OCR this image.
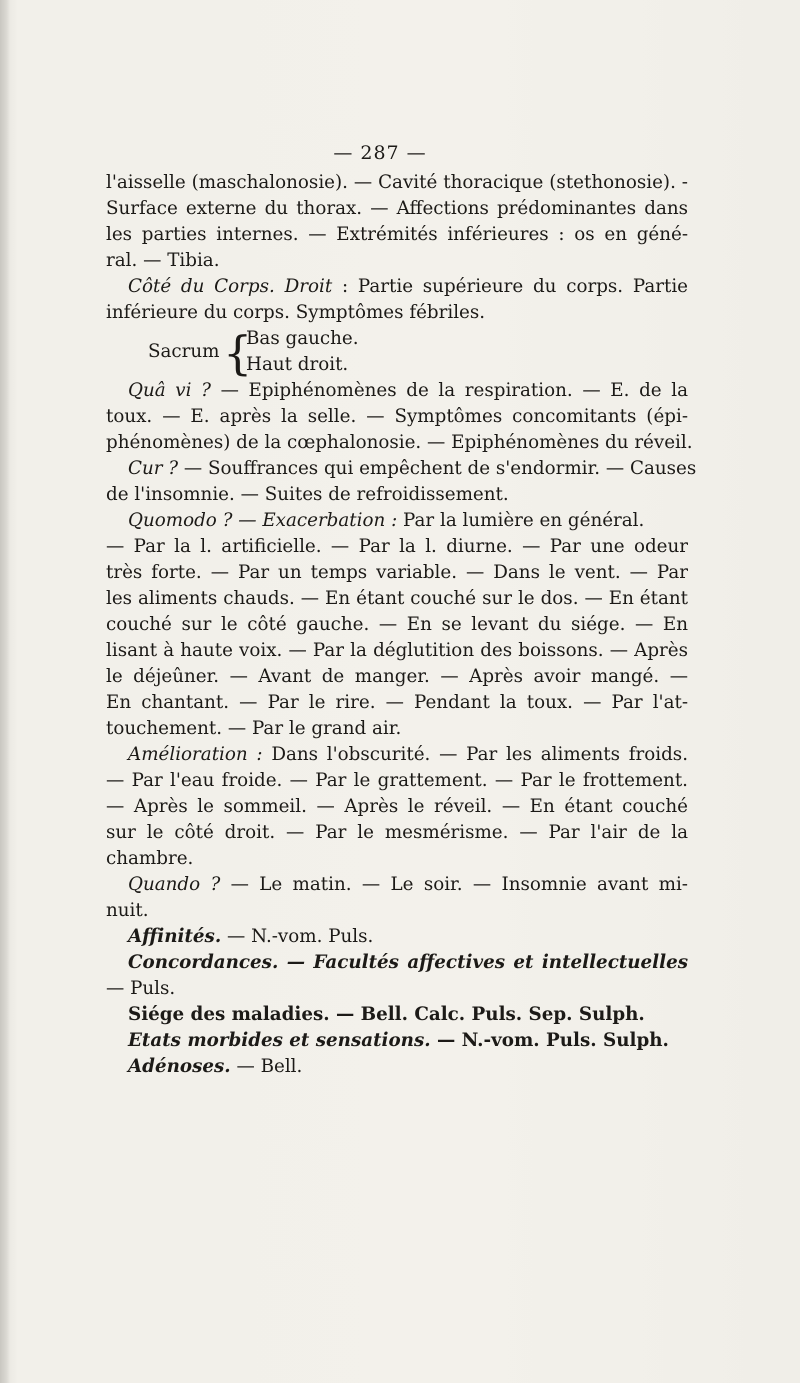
— 287 —
l'aisselle (maschalonosie). — Cavité thoracique (stethonosie). -
Surface externe du thorax. — Affections prédominantes dans
les parties internes. — Extrémités inférieures : os en géné-
ral. — Tibia.
Côté du Corps. Droit : Partie supérieure du corps. Partie
inférieure du corps. Symptômes fébriles.
Sacrum {
Bas gauche.
Haut droit.
Quâ vi ? — Epiphénomènes de la respiration. — E. de la
toux. — E. après la selle. — Symptômes concomitants (épi-
phénomènes) de la cœphalonosie. — Epiphénomènes du réveil.
Cur ? — Souffrances qui empêchent de s'endormir. — Causes
de l'insomnie. — Suites de refroidissement.
Quomodo ? — Exacerbation : Par la lumière en général.
— Par la l. artificielle. — Par la l. diurne. — Par une odeur
très forte. — Par un temps variable. — Dans le vent. — Par
les aliments chauds. — En étant couché sur le dos. — En étant
couché sur le côté gauche. — En se levant du siége. — En
lisant à haute voix. — Par la déglutition des boissons. — Après
le déjeûner. — Avant de manger. — Après avoir mangé. —
En chantant. — Par le rire. — Pendant la toux. — Par l'at-
touchement. — Par le grand air.
Amélioration : Dans l'obscurité. — Par les aliments froids.
— Par l'eau froide. — Par le grattement. — Par le frottement.
— Après le sommeil. — Après le réveil. — En étant couché
sur le côté droit. — Par le mesmérisme. — Par l'air de la
chambre.
Quando ? — Le matin. — Le soir. — Insomnie avant mi-
nuit.
Affinités. — N.-vom. Puls.
Concordances. — Facultés affectives et intellectuelles
— Puls.
Siége des maladies. — Bell. Calc. Puls. Sep. Sulph.
Etats morbides et sensations. — N.-vom. Puls. Sulph.
Adénoses. — Bell.
